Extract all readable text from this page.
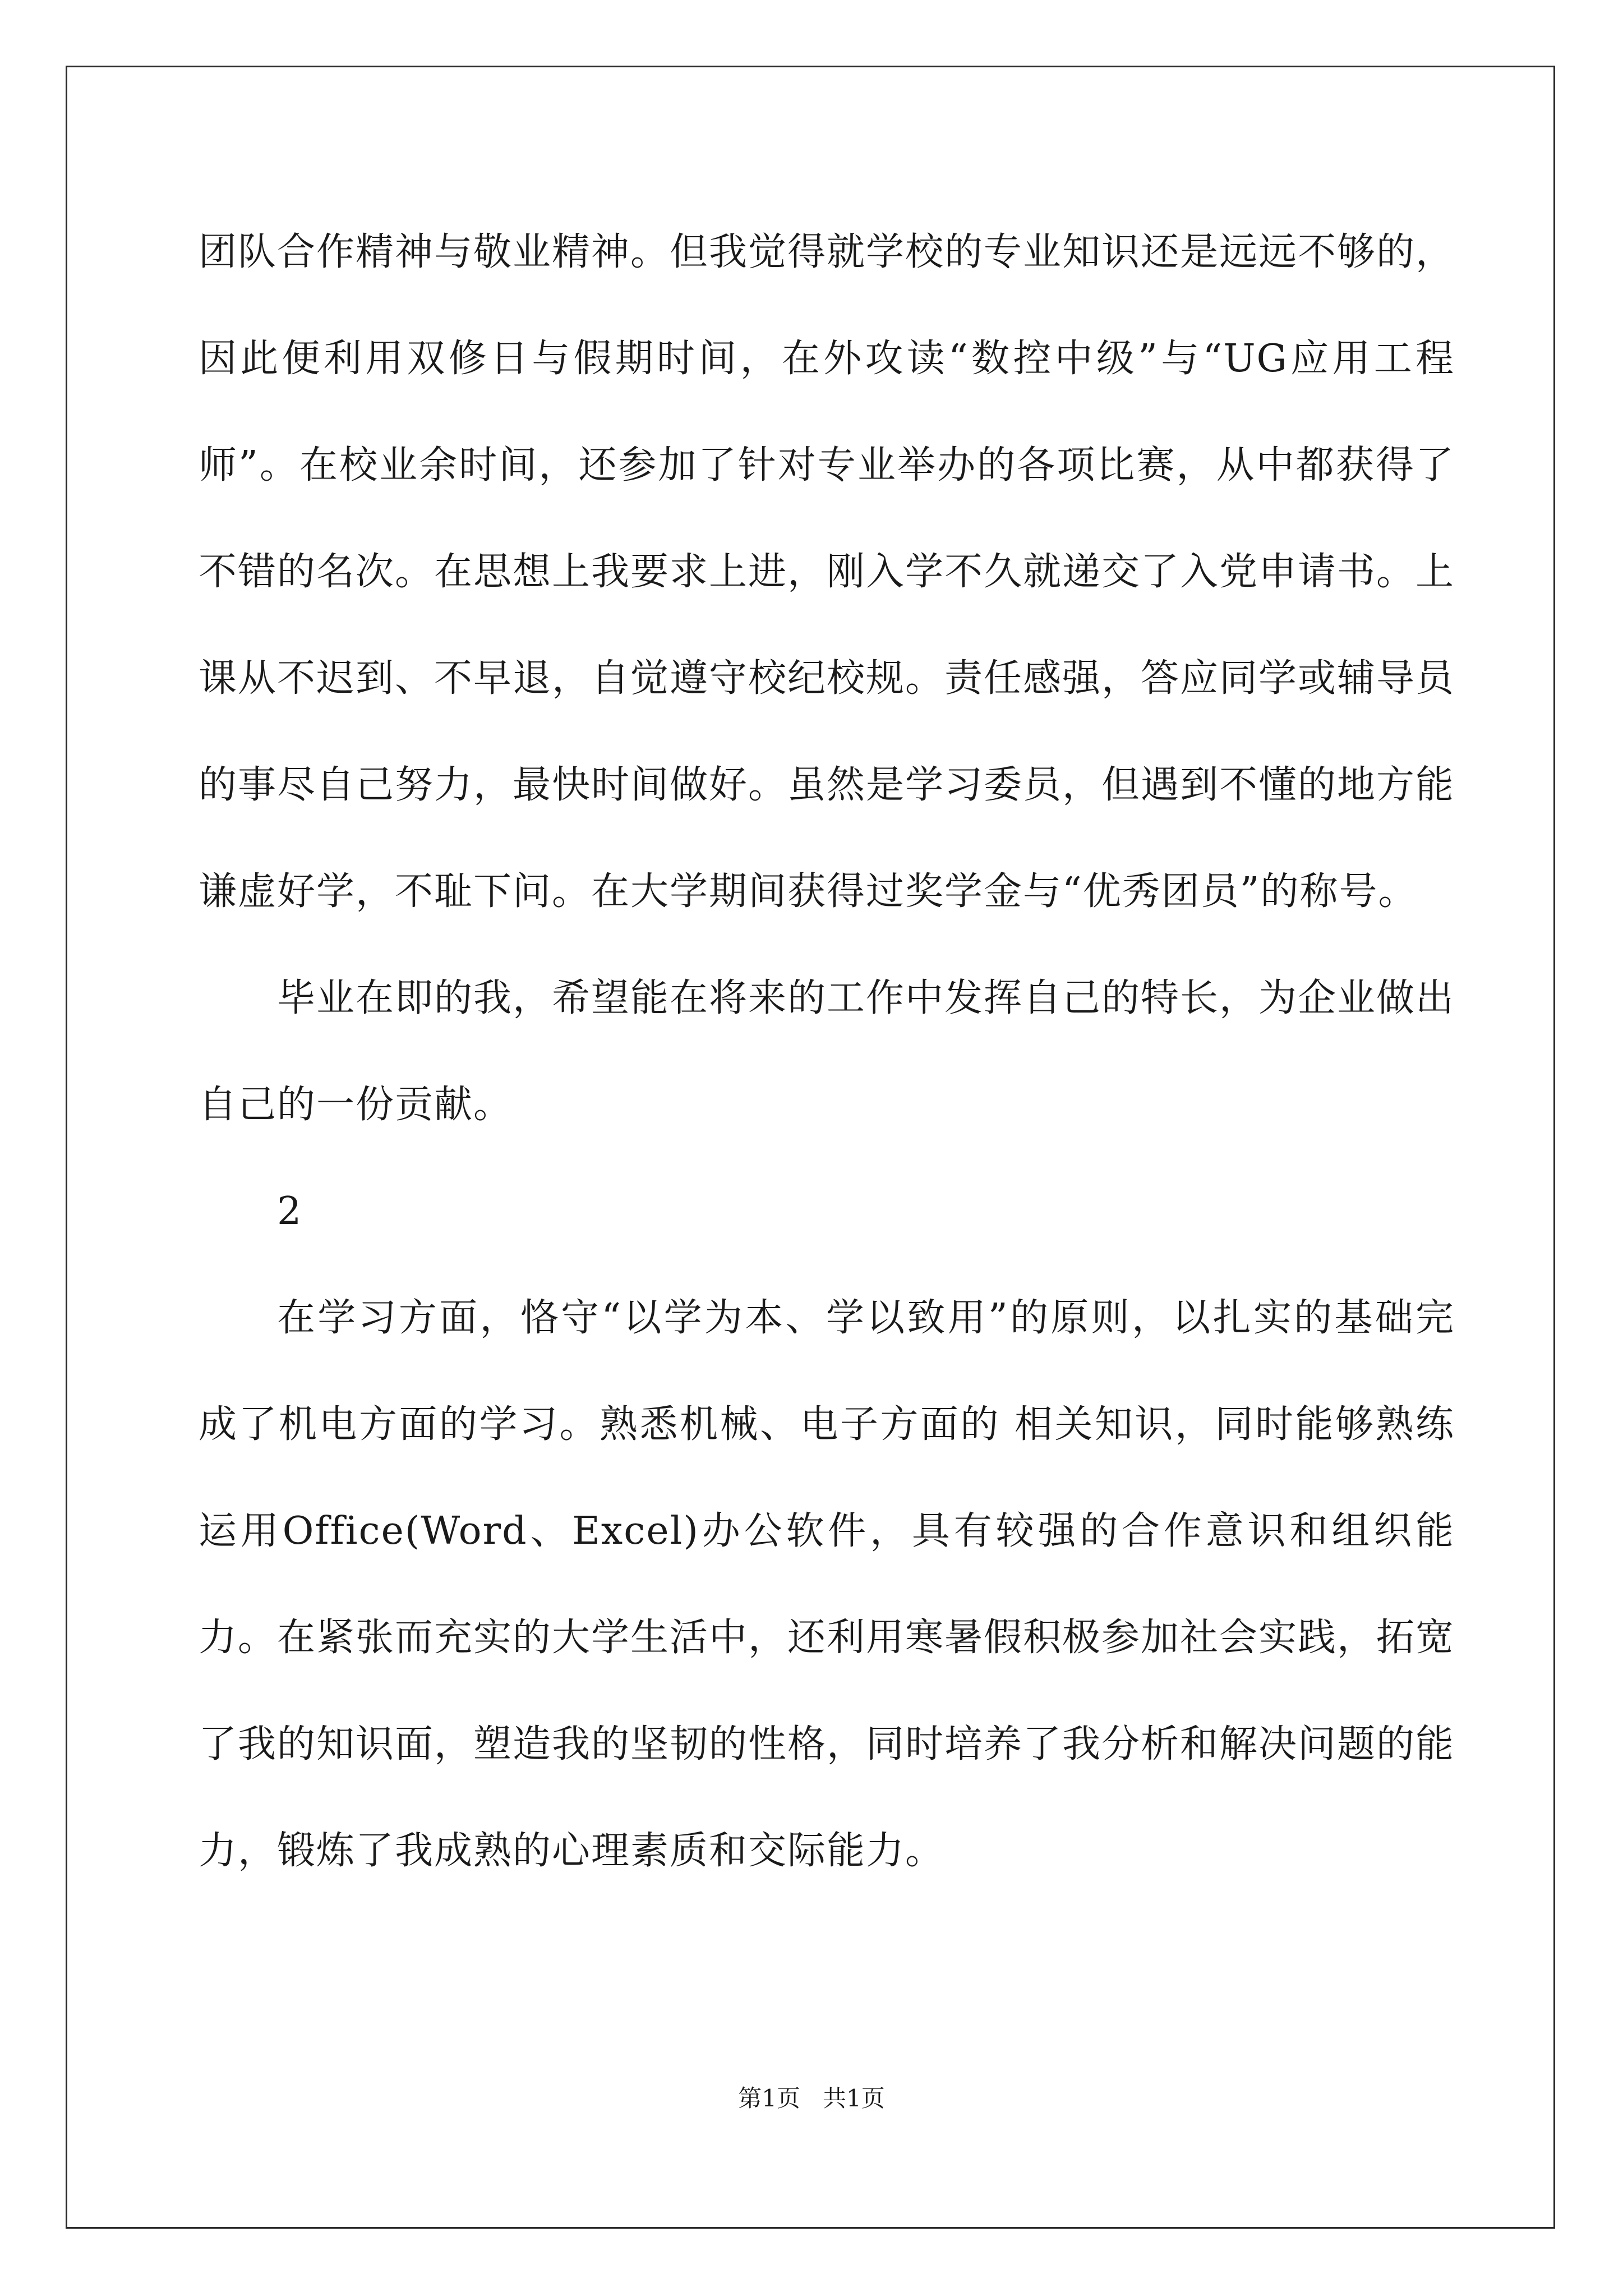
团队合作精神与敬业精神。但我觉得就学校的专业知识还是远远不够的，因此便利用双修日与假期时间，在外攻读“数控中级”与“UG应用工程师”。在校业余时间，还参加了针对专业举办的各项比赛，从中都获得了不错的名次。在思想上我要求上进，刚入学不久就递交了入党申请书。上课从不迟到、不早退，自觉遵守校纪校规。责任感强，答应同学或辅导员的事尽自己努力，最快时间做好。虽然是学习委员，但遇到不懂的地方能谦虚好学，不耻下问。在大学期间获得过奖学金与“优秀团员”的称号。

毕业在即的我，希望能在将来的工作中发挥自己的特长，为企业做出自己的一份贡献。

2

在学习方面，恪守“以学为本、学以致用”的原则，以扎实的基础完成了机电方面的学习。熟悉机械、电子方面的 相关知识，同时能够熟练运用Office(Word、Excel)办公软件，具有较强的合作意识和组织能力。在紧张而充实的大学生活中，还利用寒暑假积极参加社会实践，拓宽了我的知识面，塑造我的坚韧的性格，同时培养了我分析和解决问题的能力，锻炼了我成熟的心理素质和交际能力。

第1页 共1页
